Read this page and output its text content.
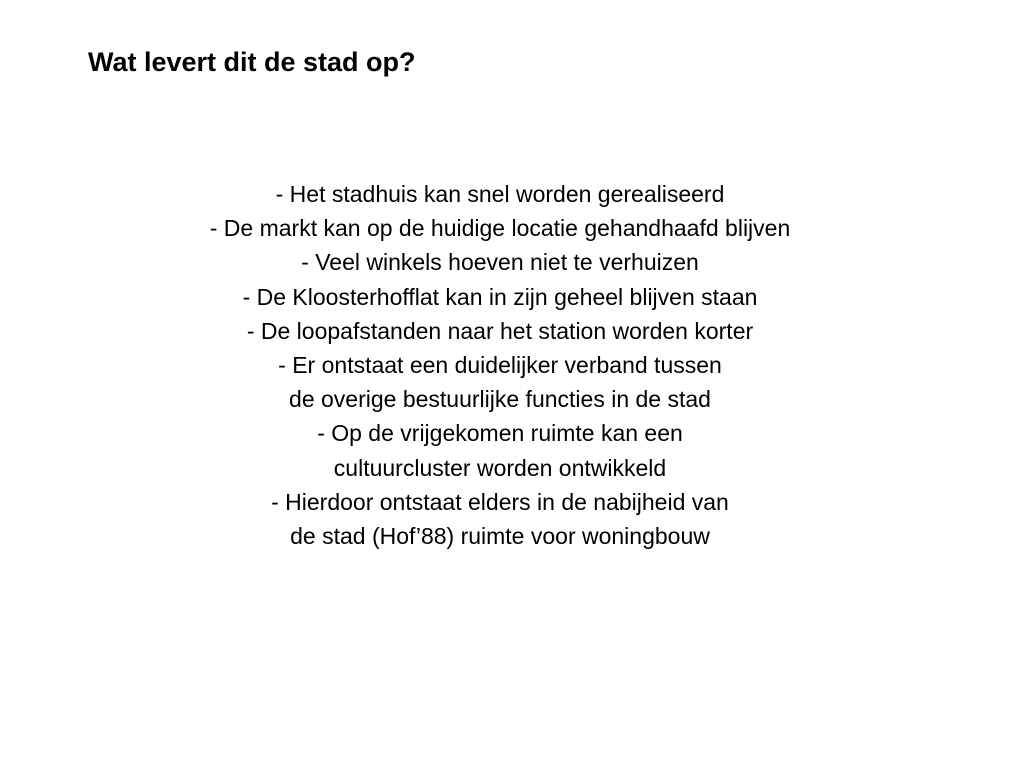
Wat levert dit de stad op?
- Het stadhuis kan snel worden gerealiseerd
- De markt kan op de huidige locatie gehandhaafd blijven
- Veel winkels hoeven niet te verhuizen
- De Kloosterhofflat kan in zijn geheel blijven staan
- De loopafstanden naar het station worden korter
- Er ontstaat een duidelijker verband tussen
de overige bestuurlijke functies in de stad
- Op de vrijgekomen ruimte kan een
cultuurcluster worden ontwikkeld
- Hierdoor ontstaat elders in de nabijheid van
de stad (Hof’88) ruimte voor woningbouw
